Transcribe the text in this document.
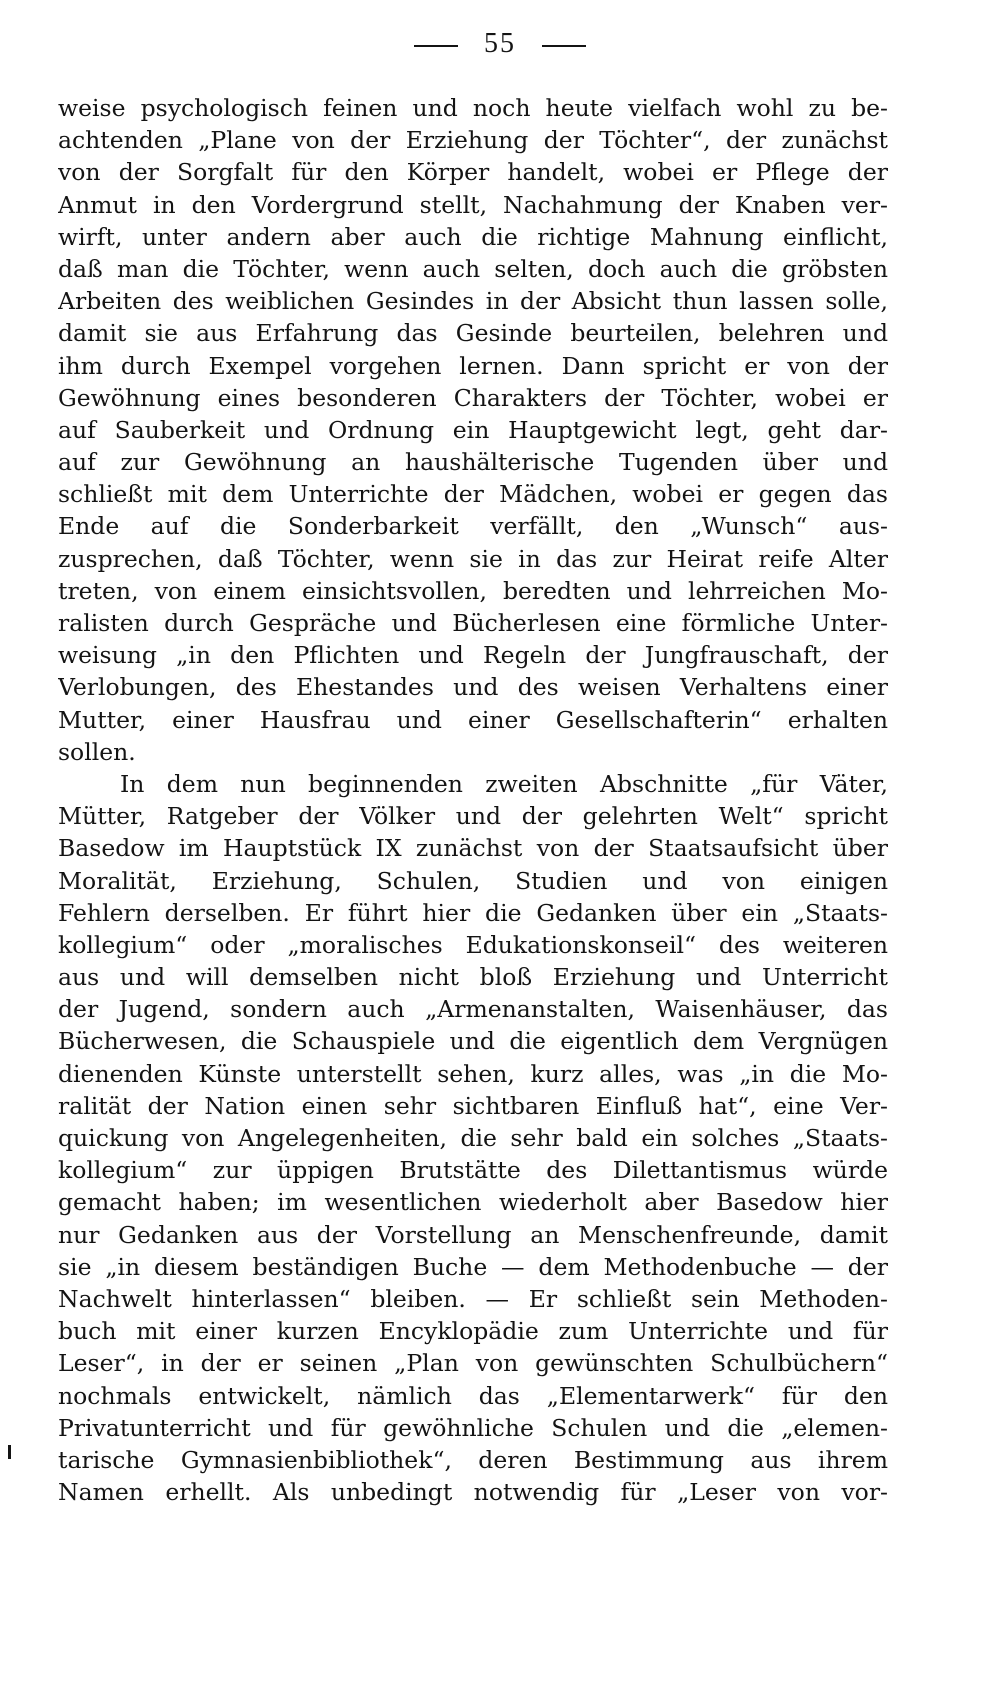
55
weise psychologisch feinen und noch heute vielfach wohl zu be-
achtenden „Plane von der Erziehung der Töchter“, der zunächst
von der Sorgfalt für den Körper handelt, wobei er Pflege der
Anmut in den Vordergrund stellt, Nachahmung der Knaben ver-
wirft, unter andern aber auch die richtige Mahnung einflicht,
daß man die Töchter, wenn auch selten, doch auch die gröbsten
Arbeiten des weiblichen Gesindes in der Absicht thun lassen solle,
damit sie aus Erfahrung das Gesinde beurteilen, belehren und
ihm durch Exempel vorgehen lernen. Dann spricht er von der
Gewöhnung eines besonderen Charakters der Töchter, wobei er
auf Sauberkeit und Ordnung ein Hauptgewicht legt, geht dar-
auf zur Gewöhnung an haushälterische Tugenden über und
schließt mit dem Unterrichte der Mädchen, wobei er gegen das
Ende auf die Sonderbarkeit verfällt, den „Wunsch“ aus-
zusprechen, daß Töchter, wenn sie in das zur Heirat reife Alter
treten, von einem einsichtsvollen, beredten und lehrreichen Mo-
ralisten durch Gespräche und Bücherlesen eine förmliche Unter-
weisung „in den Pflichten und Regeln der Jungfrauschaft, der
Verlobungen, des Ehestandes und des weisen Verhaltens einer
Mutter, einer Hausfrau und einer Gesellschafterin“ erhalten
sollen.
In dem nun beginnenden zweiten Abschnitte „für Väter,
Mütter, Ratgeber der Völker und der gelehrten Welt“ spricht
Basedow im Hauptstück IX zunächst von der Staatsaufsicht über
Moralität, Erziehung, Schulen, Studien und von einigen
Fehlern derselben. Er führt hier die Gedanken über ein „Staats-
kollegium“ oder „moralisches Edukationskonseil“ des weiteren
aus und will demselben nicht bloß Erziehung und Unterricht
der Jugend, sondern auch „Armenanstalten, Waisenhäuser, das
Bücherwesen, die Schauspiele und die eigentlich dem Vergnügen
dienenden Künste unterstellt sehen, kurz alles, was „in die Mo-
ralität der Nation einen sehr sichtbaren Einfluß hat“, eine Ver-
quickung von Angelegenheiten, die sehr bald ein solches „Staats-
kollegium“ zur üppigen Brutstätte des Dilettantismus würde
gemacht haben; im wesentlichen wiederholt aber Basedow hier
nur Gedanken aus der Vorstellung an Menschenfreunde, damit
sie „in diesem beständigen Buche — dem Methodenbuche — der
Nachwelt hinterlassen“ bleiben. — Er schließt sein Methoden-
buch mit einer kurzen Encyklopädie zum Unterrichte und für
Leser“, in der er seinen „Plan von gewünschten Schulbüchern“
nochmals entwickelt, nämlich das „Elementarwerk“ für den
Privatunterricht und für gewöhnliche Schulen und die „elemen-
tarische Gymnasienbibliothek“, deren Bestimmung aus ihrem
Namen erhellt. Als unbedingt notwendig für „Leser von vor-
